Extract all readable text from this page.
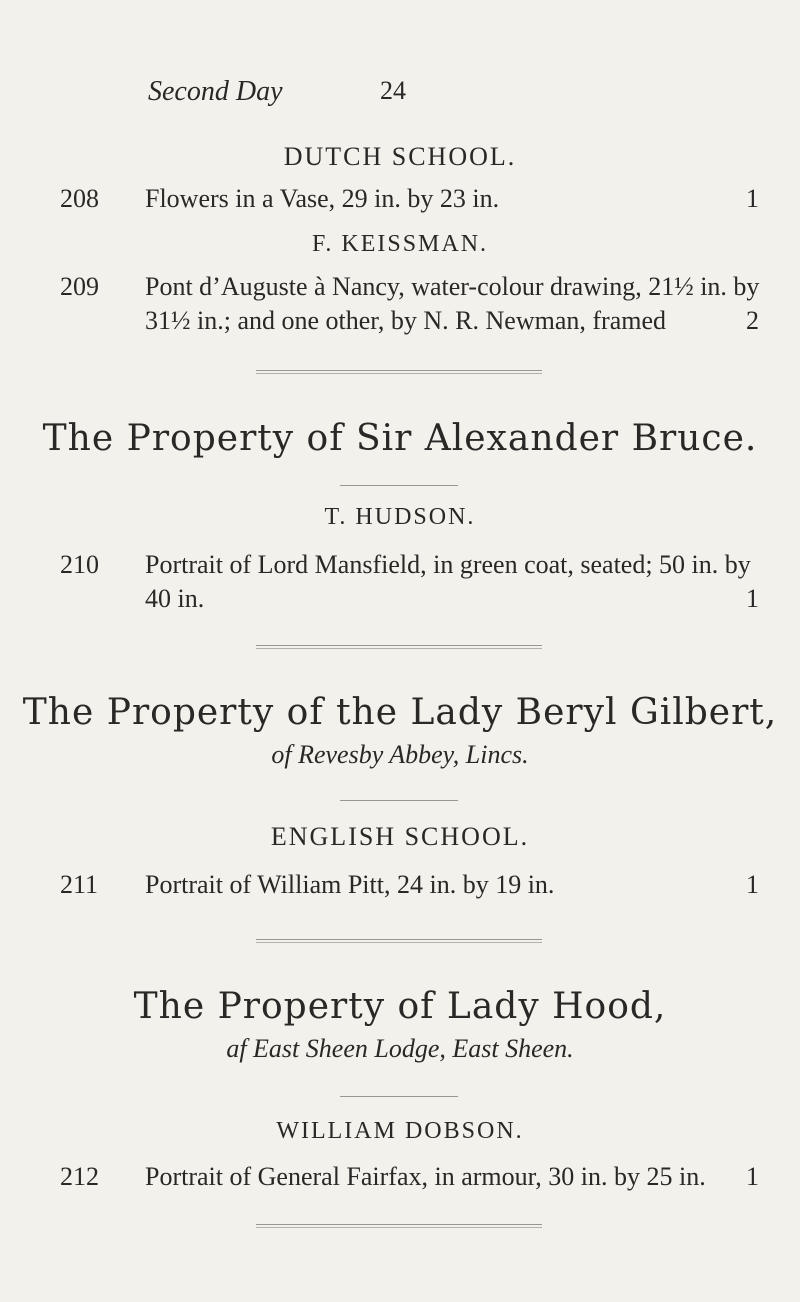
Second Day	24
DUTCH SCHOOL.
208 Flowers in a Vase, 29 in. by 23 in.	1
F. KEISSMAN.
209 Pont d’Auguste à Nancy, water-colour drawing, 21½ in. by
31½ in.; and one other, by N. R. Newman, framed	2
The Property of Sir Alexander Bruce.
T. HUDSON.
210 Portrait of Lord Mansfield, in green coat, seated; 50 in. by
40 in.	1
The Property of the Lady Beryl Gilbert,
of Revesby Abbey, Lincs.
ENGLISH SCHOOL.
211 Portrait of William Pitt, 24 in. by 19 in.	1
The Property of Lady Hood,
af East Sheen Lodge, East Sheen.
WILLIAM DOBSON.
212 Portrait of General Fairfax, in armour, 30 in. by 25 in. 1
